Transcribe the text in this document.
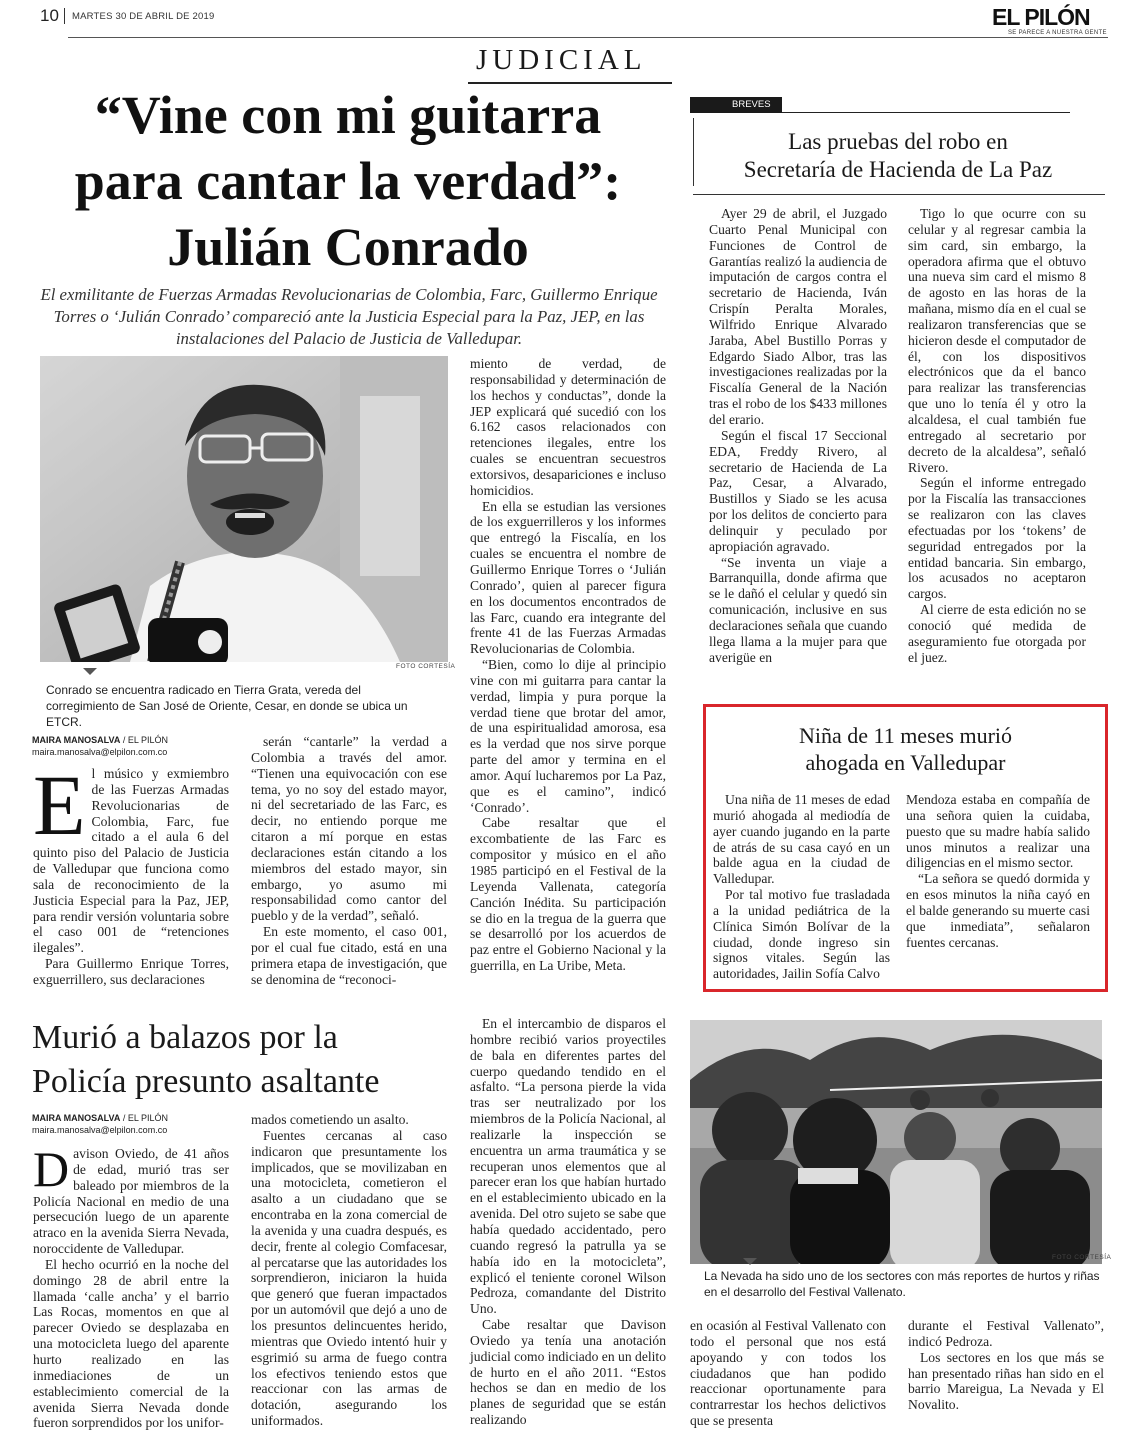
10 MARTES 30 DE ABRIL DE 2019	EL PILÓN
SE PARECE A NUESTRA GENTE
JUDICIAL
“Vine con mi guitarra
para cantar la verdad”:
Julián Conrado
El exmilitante de Fuerzas Armadas Revolucionarias de Colombia, Farc, Guillermo Enrique Torres o ‘Julián Conrado’ compareció ante la Justicia Especial para la Paz, JEP, en las instalaciones del Palacio de Justicia de Valledupar.
FOTO CORTESÍA
Conrado se encuentra radicado en Tierra Grata, vereda del corregimiento de San José de Oriente, Cesar, en donde se ubica un ETCR.
MAIRA MANOSALVA / EL PILÓN
maira.manosalva@elpilon.com.co
E l músico y exmiembro de las Fuerzas Armadas Revolucionarias de Colombia, Farc, fue citado a el aula 6 del quinto piso del Palacio de Justicia de Valledupar que funciona como sala de reconocimiento de la Justicia Especial para la Paz, JEP, para rendir versión voluntaria sobre el caso 001 de “retenciones ilegales”.

Para Guillermo Enrique Torres, exguerrillero, sus declaraciones

serán “cantarle” la verdad a Colombia a través del amor. “Tienen una equivocación con ese tema, yo no soy del estado mayor, ni del secretariado de las Farc, es decir, no entiendo porque me citaron a mí porque en estas declaraciones están citando a los miembros del estado mayor, sin embargo, yo asumo mi responsabilidad como cantor del pueblo y de la verdad”, señaló.

En este momento, el caso 001, por el cual fue citado, está en una primera etapa de investigación, que se denomina de “reconoci-

miento de verdad, de responsabilidad y determinación de los hechos y conductas”, donde la JEP explicará qué sucedió con los 6.162 casos relacionados con retenciones ilegales, entre los cuales se encuentran secuestros extorsivos, desapariciones e incluso homicidios.

En ella se estudian las versiones de los exguerrilleros y los informes que entregó la Fiscalía, en los cuales se encuentra el nombre de Guillermo Enrique Torres o ‘Julián Conrado’, quien al parecer figura en los documentos encontrados de las Farc, cuando era integrante del frente 41 de las Fuerzas Armadas Revolucionarias de Colombia.

“Bien, como lo dije al principio vine con mi guitarra para cantar la verdad, limpia y pura porque la verdad tiene que brotar del amor, de una espiritualidad amorosa, esa es la verdad que nos sirve porque parte del amor y termina en el amor. Aquí lucharemos por La Paz, que es el camino”, indicó ‘Conrado’.

Cabe resaltar que el excombatiente de las Farc es compositor y músico en el año 1985 participó en el Festival de la Leyenda Vallenata, categoría Canción Inédita. Su participación se dio en la tregua de la guerra que se desarrolló por los acuerdos de paz entre el Gobierno Nacional y la guerrilla, en La Uribe, Meta.

BREVES
Las pruebas del robo en
Secretaría de Hacienda de La Paz

Ayer 29 de abril, el Juzgado Cuarto Penal Municipal con Funciones de Control de Garantías realizó la audiencia de imputación de cargos contra el secretario de Hacienda, Iván Crispín Peralta Morales, Wilfrido Enrique Alvarado Jaraba, Abel Bustillo Porras y Edgardo Siado Albor, tras las investigaciones realizadas por la Fiscalía General de la Nación tras el robo de los $433 millones del erario.

Según el fiscal 17 Seccional EDA, Freddy Rivero, al secretario de Hacienda de La Paz, Cesar, a Alvarado, Bustillos y Siado se les acusa por los delitos de concierto para delinquir y peculado por apropiación agravado.

“Se inventa un viaje a Barranquilla, donde afirma que se le dañó el celular y quedó sin comunicación, inclusive en sus declaraciones señala que cuando llega llama a la mujer para que averigüe en

Tigo lo que ocurre con su celular y al regresar cambia la sim card, sin embargo, la operadora afirma que el obtuvo una nueva sim card el mismo 8 de agosto en las horas de la mañana, mismo día en el cual se realizaron transferencias que se hicieron desde el computador de él, con los dispositivos electrónicos que da el banco para realizar las transferencias que uno lo tenía él y otro la alcaldesa, el cual también fue entregado al secretario por decreto de la alcaldesa”, señaló Rivero.

Según el informe entregado por la Fiscalía las transacciones se realizaron con las claves efectuadas por los ‘tokens’ de seguridad entregados por la entidad bancaria. Sin embargo, los acusados no aceptaron cargos.

Al cierre de esta edición no se conoció qué medida de aseguramiento fue otorgada por el juez.

Niña de 11 meses murió
ahogada en Valledupar

Una niña de 11 meses de edad murió ahogada al mediodía de ayer cuando jugando en la parte de atrás de su casa cayó en un balde agua en la ciudad de Valledupar.

Por tal motivo fue trasladada a la unidad pediátrica de la Clínica Simón Bolívar de la ciudad, donde ingreso sin signos vitales. Según las autoridades, Jailin Sofía Calvo

Mendoza estaba en compañía de una señora quien la cuidaba, puesto que su madre había salido unos minutos a realizar una diligencias en el mismo sector.

“La señora se quedó dormida y en esos minutos la niña cayó en el balde generando su muerte casi que inmediata”, señalaron fuentes cercanas.

Murió a balazos por la
Policía presunto asaltante
MAIRA MANOSALVA / EL PILÓN
maira.manosalva@elpilon.com.co
D avison Oviedo, de 41 años de edad, murió tras ser baleado por miembros de la Policía Nacional en medio de una persecución luego de un aparente atraco en la avenida Sierra Nevada, noroccidente de Valledupar.

El hecho ocurrió en la noche del domingo 28 de abril entre la llamada ‘calle ancha’ y el barrio Las Rocas, momentos en que al parecer Oviedo se desplazaba en una motocicleta luego del aparente hurto realizado en las inmediaciones de un establecimiento comercial de la avenida Sierra Nevada donde fueron sorprendidos por los unifor-

mados cometiendo un asalto.

Fuentes cercanas al caso indicaron que presuntamente los implicados, que se movilizaban en una motocicleta, cometieron el asalto a un ciudadano que se encontraba en la zona comercial de la avenida y una cuadra después, es decir, frente al colegio Comfacesar, al percatarse que las autoridades los sorprendieron, iniciaron la huida que generó que fueran impactados por un automóvil que dejó a uno de los presuntos delincuentes herido, mientras que Oviedo intentó huir y esgrimió su arma de fuego contra los efectivos teniendo estos que reaccionar con las armas de dotación, asegurando los uniformados.

En el intercambio de disparos el hombre recibió varios proyectiles de bala en diferentes partes del cuerpo quedando tendido en el asfalto. “La persona pierde la vida tras ser neutralizado por los miembros de la Policía Nacional, al realizarle la inspección se encuentra un arma traumática y se recuperan unos elementos que al parecer eran los que habían hurtado en el establecimiento ubicado en la avenida. Del otro sujeto se sabe que había quedado accidentado, pero cuando regresó la patrulla ya se había ido en la motocicleta”, explicó el teniente coronel Wilson Pedroza, comandante del Distrito Uno.

Cabe resaltar que Davison Oviedo ya tenía una anotación judicial como indiciado en un delito de hurto en el año 2011. “Estos hechos se dan en medio de los planes de seguridad que se están realizando

FOTO CORTESÍA
La Nevada ha sido uno de los sectores con más reportes de hurtos y riñas en el desarrollo del Festival Vallenato.

en ocasión al Festival Vallenato con todo el personal que nos está apoyando y con todos los ciudadanos que han podido reaccionar oportunamente para contrarrestar los hechos delictivos que se presenta

durante el Festival Vallenato”, indicó Pedroza.

Los sectores en los que más se han presentado riñas han sido en el barrio Mareigua, La Nevada y El Novalito.
